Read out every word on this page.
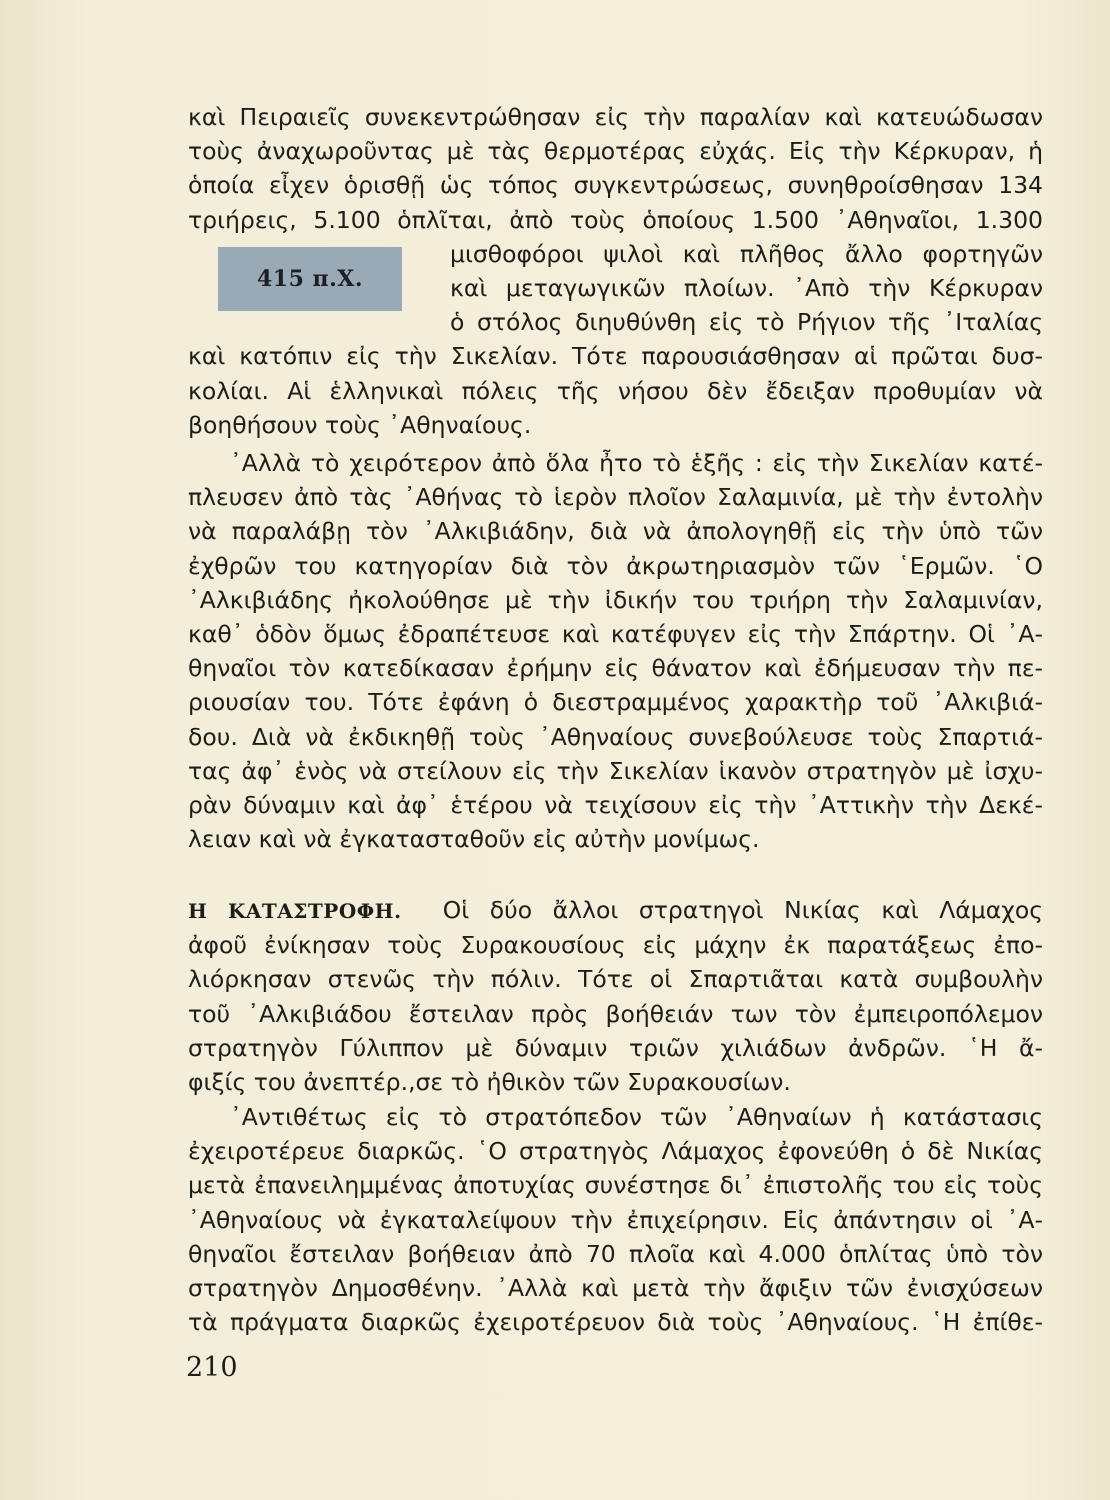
415 π.Χ.
καὶ Πειραιεῖς συνεκεντρώθησαν εἰς τὴν παραλίαν καὶ κατευώδωσαν
τοὺς ἀναχωροῦντας μὲ τὰς θερμοτέρας εὐχάς. Εἰς τὴν Κέρκυραν, ἡ
ὁποία εἶχεν ὁρισθῇ ὡς τόπος συγκεντρώσεως, συνηθροίσθησαν 134
τριήρεις, 5.100 ὁπλῖται, ἀπὸ τοὺς ὁποίους 1.500 ᾿Αθηναῖοι, 1.300
μισθοφόροι ψιλοὶ καὶ πλῆθος ἄλλο φορτηγῶν
καὶ μεταγωγικῶν πλοίων. ᾿Απὸ τὴν Κέρκυραν
ὁ στόλος διηυθύνθη εἰς τὸ Ρήγιον τῆς ᾿Ιταλίας
καὶ κατόπιν εἰς τὴν Σικελίαν. Τότε παρουσιάσθησαν αἱ πρῶται δυσ-
κολίαι. Αἱ ἑλληνικαὶ πόλεις τῆς νήσου δὲν ἔδειξαν προθυμίαν νὰ
βοηθήσουν τοὺς ᾿Αθηναίους.
᾿Αλλὰ τὸ χειρότερον ἀπὸ ὅλα ἦτο τὸ ἑξῆς : εἰς τὴν Σικελίαν κατέ-
πλευσεν ἀπὸ τὰς ᾿Αθήνας τὸ ἱερὸν πλοῖον Σαλαμινία, μὲ τὴν ἐντολὴν
νὰ παραλάβῃ τὸν ᾿Αλκιβιάδην, διὰ νὰ ἀπολογηθῇ εἰς τὴν ὑπὸ τῶν
ἐχθρῶν του κατηγορίαν διὰ τὸν ἀκρωτηριασμὸν τῶν ῾Ερμῶν. ῾Ο
᾿Αλκιβιάδης ἠκολούθησε μὲ τὴν ἰδικήν του τριήρη τὴν Σαλαμινίαν,
καθ᾿ ὁδὸν ὅμως ἐδραπέτευσε καὶ κατέφυγεν εἰς τὴν Σπάρτην. Οἱ ᾿Α-
θηναῖοι τὸν κατεδίκασαν ἐρήμην εἰς θάνατον καὶ ἐδήμευσαν τὴν πε-
ριουσίαν του. Τότε ἐφάνη ὁ διεστραμμένος χαρακτὴρ τοῦ ᾿Αλκιβιά-
δου. Διὰ νὰ ἐκδικηθῇ τοὺς ᾿Αθηναίους συνεβούλευσε τοὺς Σπαρτιά-
τας ἀφ᾿ ἑνὸς νὰ στείλουν εἰς τὴν Σικελίαν ἱκανὸν στρατηγὸν μὲ ἰσχυ-
ρὰν δύναμιν καὶ ἀφ᾿ ἑτέρου νὰ τειχίσουν εἰς τὴν ᾿Αττικὴν τὴν Δεκέ-
λειαν καὶ νὰ ἐγκατασταθοῦν εἰς αὐτὴν μονίμως.
Η ΚΑΤΑΣΤΡΟΦΗ. Οἱ δύο ἄλλοι στρατηγοὶ Νικίας καὶ Λάμαχος
ἀφοῦ ἐνίκησαν τοὺς Συρακουσίους εἰς μάχην ἐκ παρατάξεως ἐπο-
λιόρκησαν στενῶς τὴν πόλιν. Τότε οἱ Σπαρτιᾶται κατὰ συμβουλὴν
τοῦ ᾿Αλκιβιάδου ἔστειλαν πρὸς βοήθειάν των τὸν ἐμπειροπόλεμον
στρατηγὸν Γύλιππον μὲ δύναμιν τριῶν χιλιάδων ἀνδρῶν. ῾Η ἄ-
φιξίς του ἀνεπτέρ.,σε τὸ ἠθικὸν τῶν Συρακουσίων.
᾿Αντιθέτως εἰς τὸ στρατόπεδον τῶν ᾿Αθηναίων ἡ κατάστασις
ἐχειροτέρευε διαρκῶς. ῾Ο στρατηγὸς Λάμαχος ἐφονεύθη ὁ δὲ Νικίας
μετὰ ἐπανειλημμένας ἀποτυχίας συνέστησε δι᾿ ἐπιστολῆς του εἰς τοὺς
᾿Αθηναίους νὰ ἐγκαταλείψουν τὴν ἐπιχείρησιν. Εἰς ἀπάντησιν οἱ ᾿Α-
θηναῖοι ἔστειλαν βοήθειαν ἀπὸ 70 πλοῖα καὶ 4.000 ὁπλίτας ὑπὸ τὸν
στρατηγὸν Δημοσθένην. ᾿Αλλὰ καὶ μετὰ τὴν ἄφιξιν τῶν ἐνισχύσεων
τὰ πράγματα διαρκῶς ἐχειροτέρευον διὰ τοὺς ᾿Αθηναίους. ῾Η ἐπίθε-
210
